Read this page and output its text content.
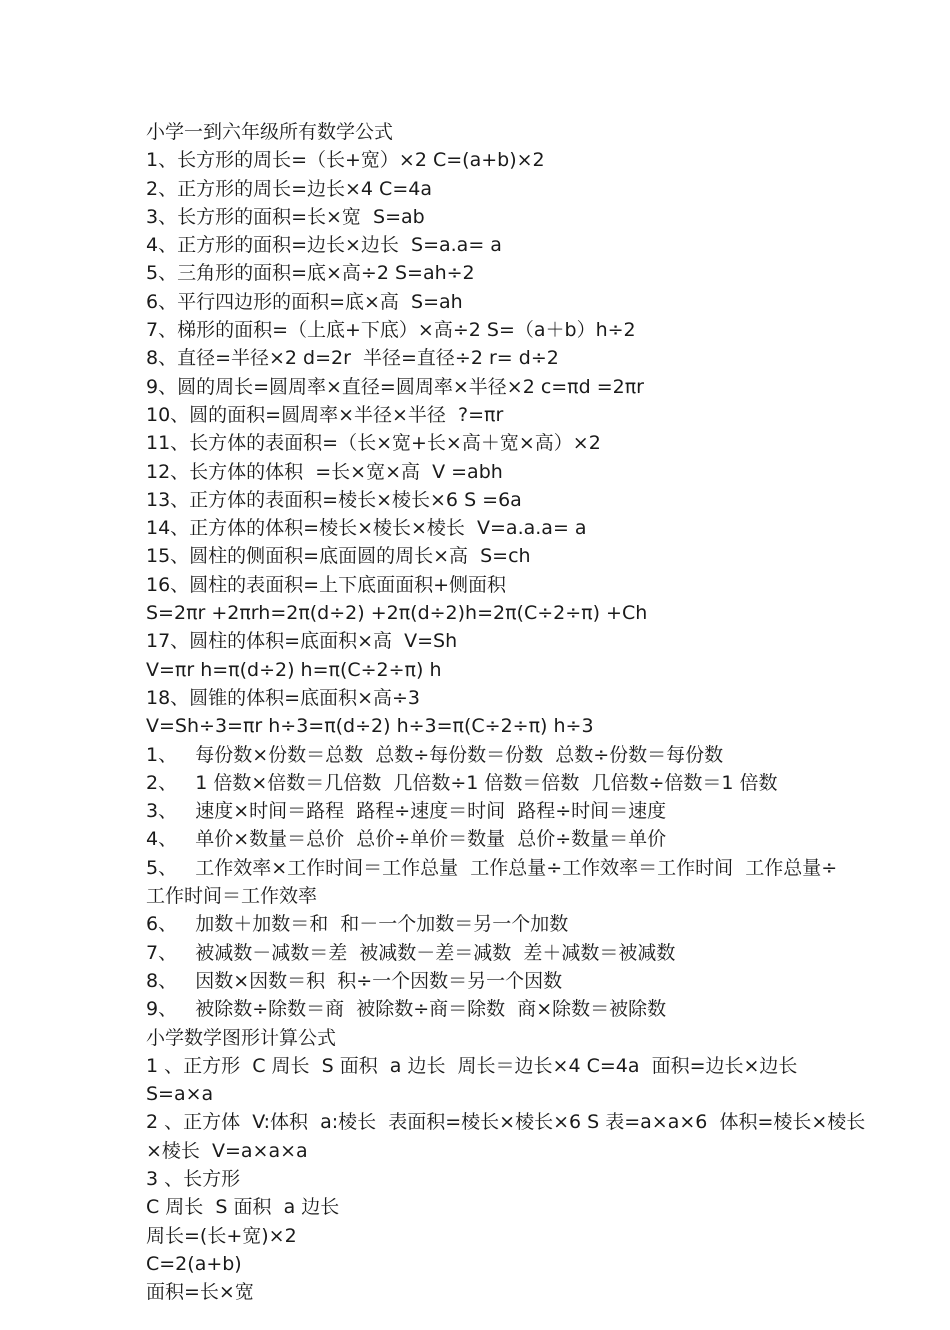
小学一到六年级所有数学公式
1、长方形的周长=（长+宽）×2 C=(a+b)×2
2、正方形的周长=边长×4 C=4a
3、长方形的面积=长×宽  S=ab
4、正方形的面积=边长×边长  S=a.a= a
5、三角形的面积=底×高÷2 S=ah÷2
6、平行四边形的面积=底×高  S=ah
7、梯形的面积=（上底+下底）×高÷2 S=（a＋b）h÷2
8、直径=半径×2 d=2r  半径=直径÷2 r= d÷2
9、圆的周长=圆周率×直径=圆周率×半径×2 c=πd =2πr
10、圆的面积=圆周率×半径×半径  ?=πr
11、长方体的表面积=（长×宽+长×高＋宽×高）×2
12、长方体的体积  =长×宽×高  V =abh
13、正方体的表面积=棱长×棱长×6 S =6a
14、正方体的体积=棱长×棱长×棱长  V=a.a.a= a
15、圆柱的侧面积=底面圆的周长×高  S=ch
16、圆柱的表面积=上下底面面积+侧面积
S=2πr +2πrh=2π(d÷2) +2π(d÷2)h=2π(C÷2÷π) +Ch
17、圆柱的体积=底面积×高  V=Sh
V=πr h=π(d÷2) h=π(C÷2÷π) h
18、圆锥的体积=底面积×高÷3
V=Sh÷3=πr h÷3=π(d÷2) h÷3=π(C÷2÷π) h÷3
1、   每份数×份数＝总数  总数÷每份数＝份数  总数÷份数＝每份数
2、   1 倍数×倍数＝几倍数  几倍数÷1 倍数＝倍数  几倍数÷倍数＝1 倍数
3、   速度×时间＝路程  路程÷速度＝时间  路程÷时间＝速度
4、   单价×数量＝总价  总价÷单价＝数量  总价÷数量＝单价
5、   工作效率×工作时间＝工作总量  工作总量÷工作效率＝工作时间  工作总量÷
工作时间＝工作效率
6、   加数＋加数＝和  和－一个加数＝另一个加数
7、   被减数－减数＝差  被减数－差＝减数  差＋减数＝被减数
8、   因数×因数＝积  积÷一个因数＝另一个因数
9、   被除数÷除数＝商  被除数÷商＝除数  商×除数＝被除数
小学数学图形计算公式
1 、正方形  C 周长  S 面积  a 边长  周长＝边长×4 C=4a  面积=边长×边长
S=a×a
2 、正方体  V:体积  a:棱长  表面积=棱长×棱长×6 S 表=a×a×6  体积=棱长×棱长
×棱长  V=a×a×a
3 、长方形
C 周长  S 面积  a 边长
周长=(长+宽)×2
C=2(a+b)
面积=长×宽
